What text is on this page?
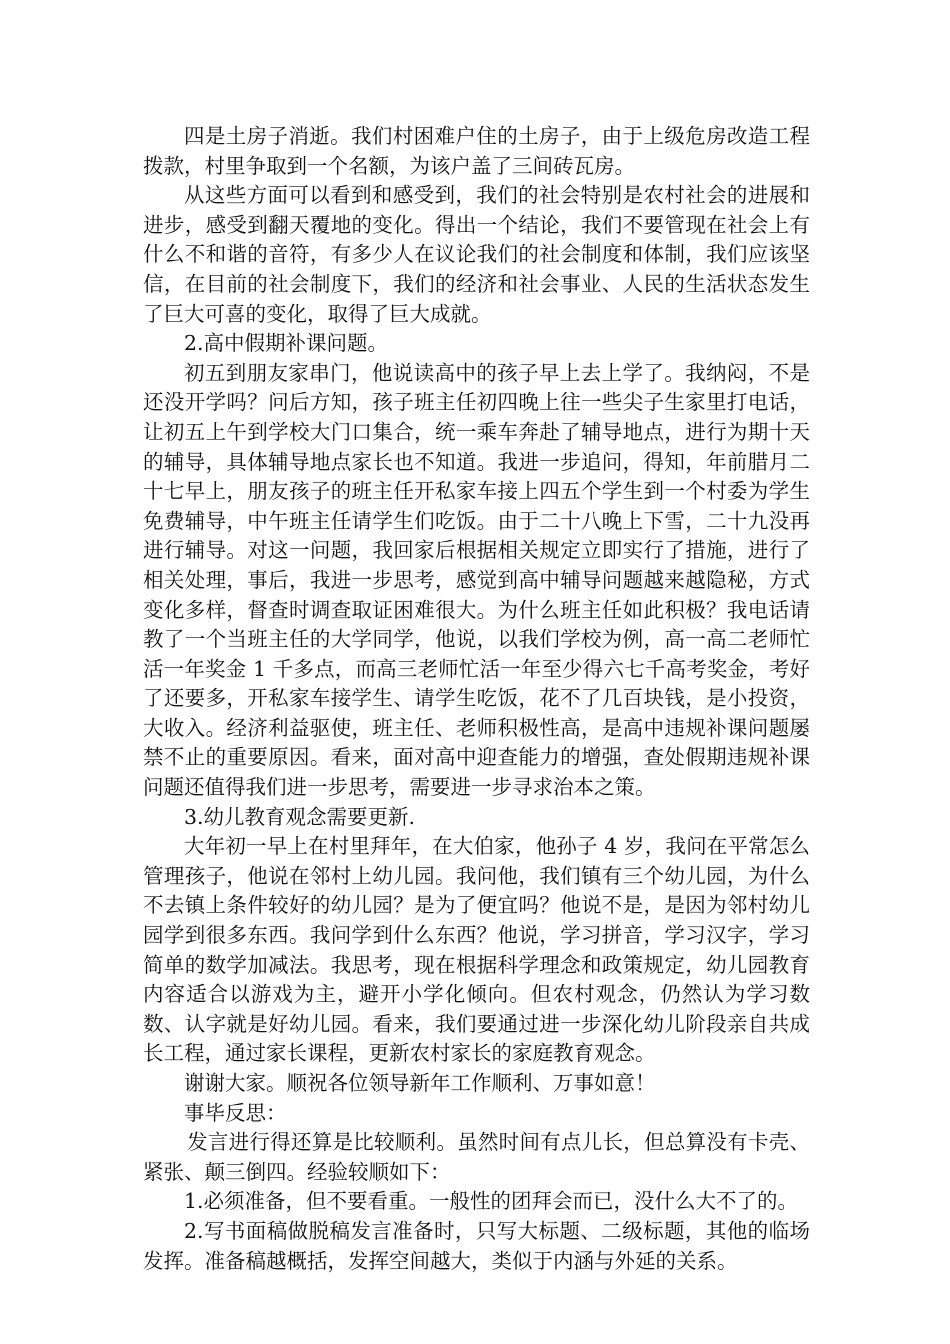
四是土房子消逝。我们村困难户住的土房子，由于上级危房改造工程拨款，村里争取到一个名额，为该户盖了三间砖瓦房。

从这些方面可以看到和感受到，我们的社会特别是农村社会的进展和进步，感受到翻天覆地的变化。得出一个结论，我们不要管现在社会上有什么不和谐的音符，有多少人在议论我们的社会制度和体制，我们应该坚信，在目前的社会制度下，我们的经济和社会事业、人民的生活状态发生了巨大可喜的变化，取得了巨大成就。

2.高中假期补课问题。

初五到朋友家串门，他说读高中的孩子早上去上学了。我纳闷，不是还没开学吗？问后方知，孩子班主任初四晚上往一些尖子生家里打电话，让初五上午到学校大门口集合，统一乘车奔赴了辅导地点，进行为期十天的辅导，具体辅导地点家长也不知道。我进一步追问，得知，年前腊月二十七早上，朋友孩子的班主任开私家车接上四五个学生到一个村委为学生免费辅导，中午班主任请学生们吃饭。由于二十八晚上下雪，二十九没再进行辅导。对这一问题，我回家后根据相关规定立即实行了措施，进行了相关处理，事后，我进一步思考，感觉到高中辅导问题越来越隐秘，方式变化多样，督查时调查取证困难很大。为什么班主任如此积极？我电话请教了一个当班主任的大学同学，他说，以我们学校为例，高一高二老师忙活一年奖金 1 千多点，而高三老师忙活一年至少得六七千高考奖金，考好了还要多，开私家车接学生、请学生吃饭，花不了几百块钱，是小投资，大收入。经济利益驱使，班主任、老师积极性高，是高中违规补课问题屡禁不止的重要原因。看来，面对高中迎查能力的增强，查处假期违规补课问题还值得我们进一步思考，需要进一步寻求治本之策。

3.幼儿教育观念需要更新.

大年初一早上在村里拜年，在大伯家，他孙子 4 岁，我问在平常怎么管理孩子，他说在邻村上幼儿园。我问他，我们镇有三个幼儿园，为什么不去镇上条件较好的幼儿园？是为了便宜吗？他说不是，是因为邻村幼儿园学到很多东西。我问学到什么东西？他说，学习拼音，学习汉字，学习简单的数学加减法。我思考，现在根据科学理念和政策规定，幼儿园教育内容适合以游戏为主，避开小学化倾向。但农村观念，仍然认为学习数数、认字就是好幼儿园。看来，我们要通过进一步深化幼儿阶段亲自共成长工程，通过家长课程，更新农村家长的家庭教育观念。

谢谢大家。顺祝各位领导新年工作顺利、万事如意！

事毕反思：

发言进行得还算是比较顺利。虽然时间有点儿长，但总算没有卡壳、紧张、颠三倒四。经验较顺如下：

1.必须准备，但不要看重。一般性的团拜会而已，没什么大不了的。

2.写书面稿做脱稿发言准备时，只写大标题、二级标题，其他的临场发挥。准备稿越概括，发挥空间越大，类似于内涵与外延的关系。
